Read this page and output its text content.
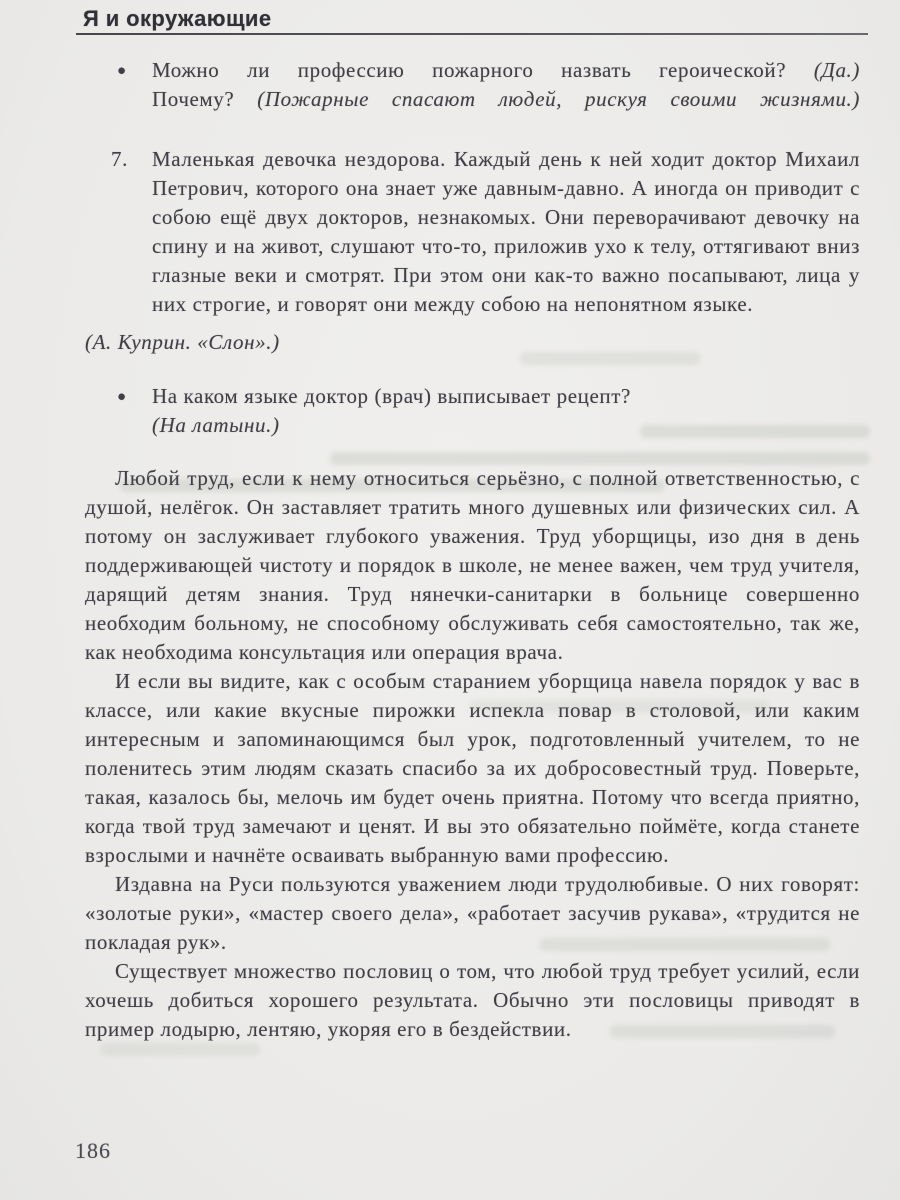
Я и окружающие
● Можно ли профессию пожарного назвать героической? (Да.)
Почему? (Пожарные спасают людей, рискуя своими жизнями.)
7. Маленькая девочка нездорова. Каждый день к ней ходит доктор Михаил Петрович, которого она знает уже давным-давно. А иногда он приводит с собою ещё двух докторов, незнакомых. Они переворачивают девочку на спину и на живот, слушают что-то, приложив ухо к телу, оттягивают вниз глазные веки и смотрят. При этом они как-то важно посапывают, лица у них строгие, и говорят они между собою на непонятном языке.
(А. Куприн. «Слон».)
● На каком языке доктор (врач) выписывает рецепт?
(На латыни.)
Любой труд, если к нему относиться серьёзно, с полной ответственностью, с душой, нелёгок. Он заставляет тратить много душевных или физических сил. А потому он заслуживает глубокого уважения. Труд уборщицы, изо дня в день поддерживающей чистоту и порядок в школе, не менее важен, чем труд учителя, дарящий детям знания. Труд нянечки-санитарки в больнице совершенно необходим больному, не способному обслуживать себя самостоятельно, так же, как необходима консультация или операция врача.
И если вы видите, как с особым старанием уборщица навела порядок у вас в классе, или какие вкусные пирожки испекла повар в столовой, или каким интересным и запоминающимся был урок, подготовленный учителем, то не поленитесь этим людям сказать спасибо за их добросовестный труд. Поверьте, такая, казалось бы, мелочь им будет очень приятна. Потому что всегда приятно, когда твой труд замечают и ценят. И вы это обязательно поймёте, когда станете взрослыми и начнёте осваивать выбранную вами профессию.
Издавна на Руси пользуются уважением люди трудолюбивые. О них говорят: «золотые руки», «мастер своего дела», «работает засучив рукава», «трудится не покладая рук».
Существует множество пословиц о том, что любой труд требует усилий, если хочешь добиться хорошего результата. Обычно эти пословицы приводят в пример лодырю, лентяю, укоряя его в бездействии.
186
